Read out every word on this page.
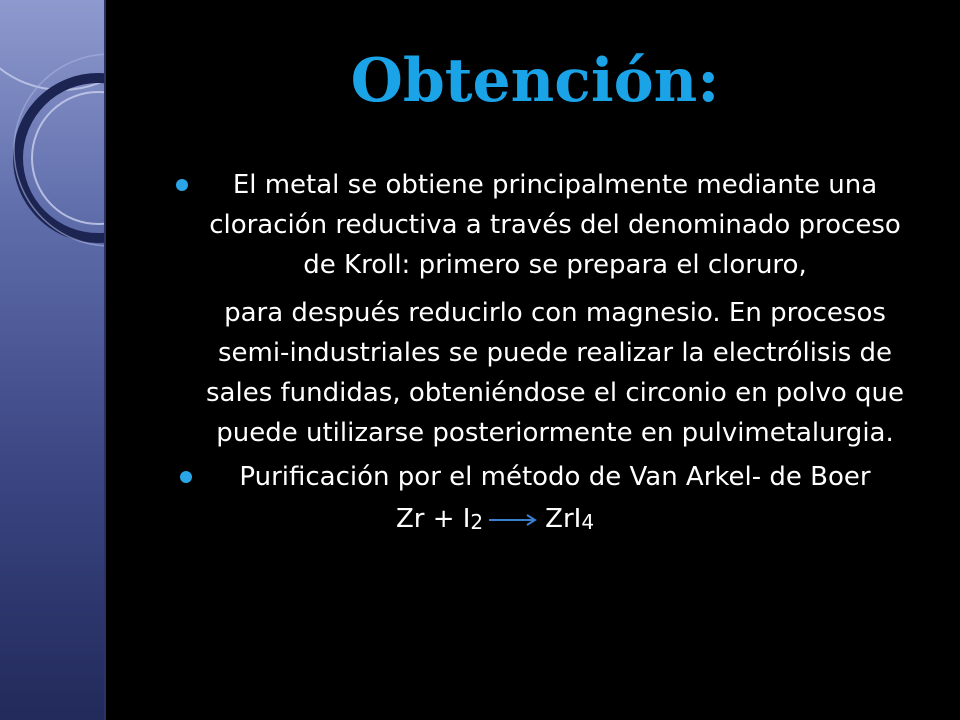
Obtención:

El metal se obtiene principalmente mediante una cloración reductiva a través del denominado proceso de Kroll: primero se prepara el cloruro,

para después reducirlo con magnesio. En procesos semi-industriales se puede realizar la electrólisis de sales fundidas, obteniéndose el circonio en polvo que puede utilizarse posteriormente en pulvimetalurgia.

Purificación por el método de Van Arkel- de Boer

Zr + I2 → ZrI4
